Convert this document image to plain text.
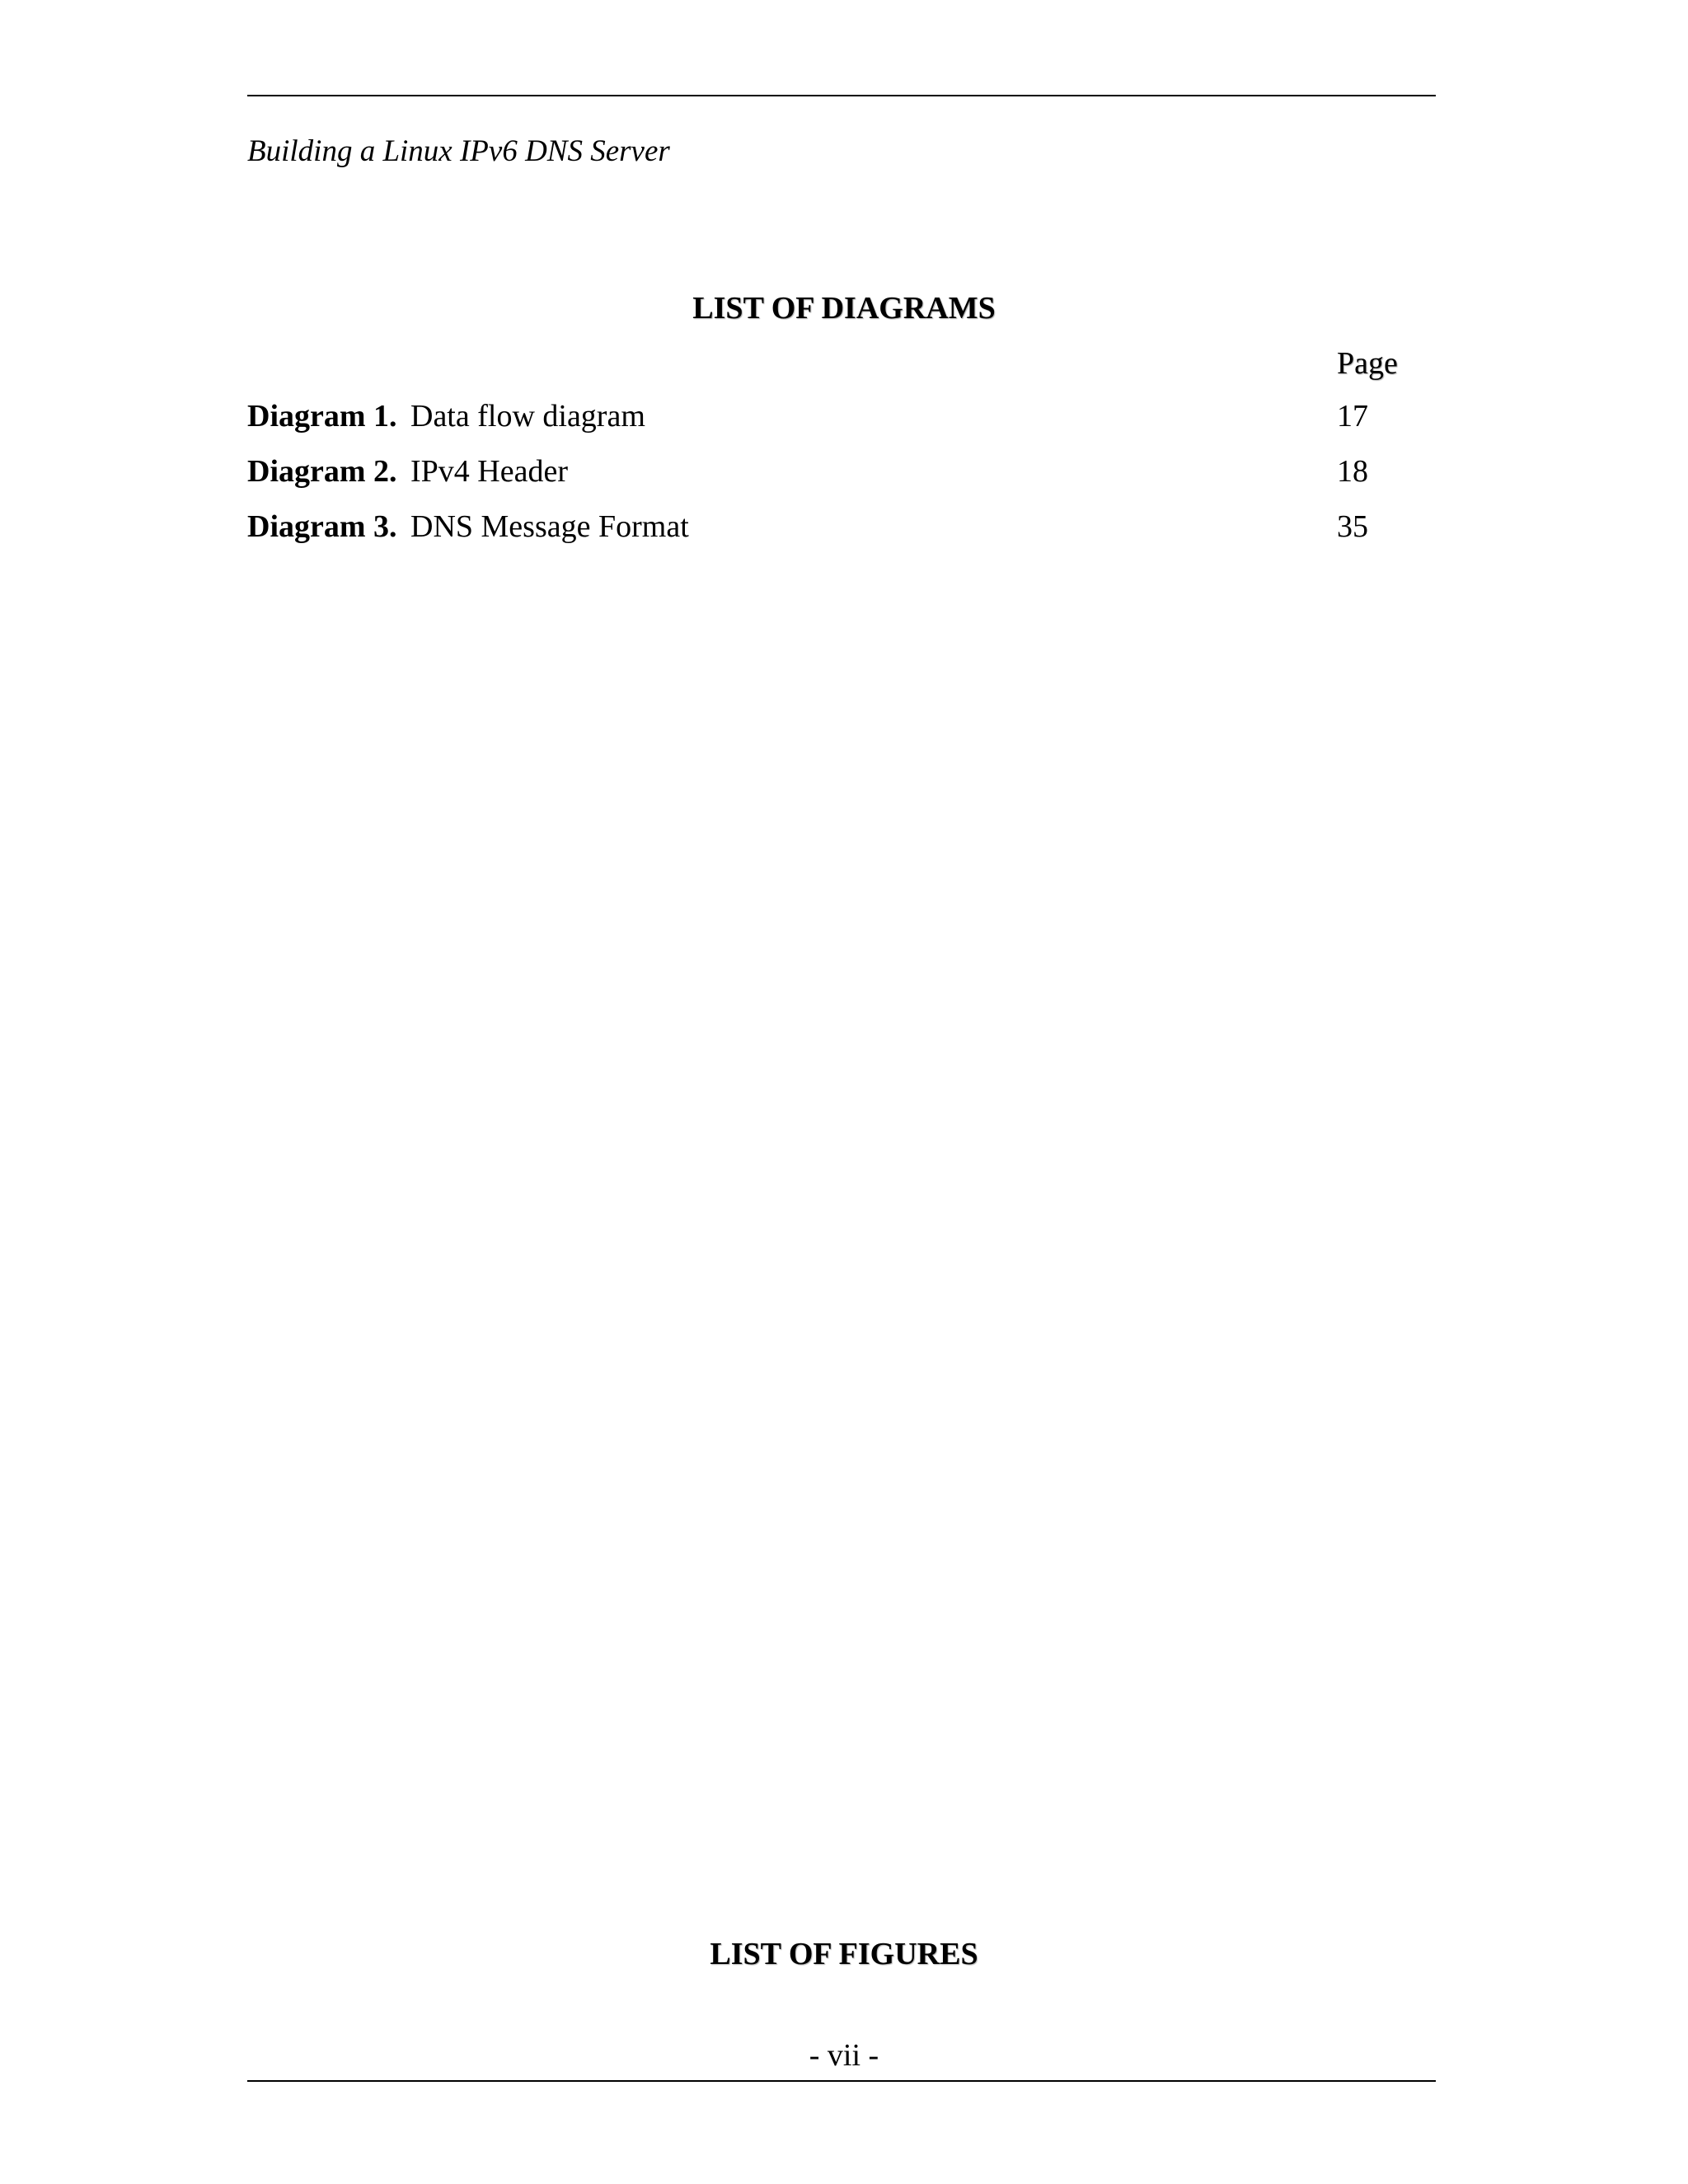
Building a Linux IPv6 DNS Server
LIST OF DIAGRAMS
Page
Diagram 1. Data flow diagram	17
Diagram 2. IPv4 Header	18
Diagram 3. DNS Message Format	35
LIST OF FIGURES
- vii -
